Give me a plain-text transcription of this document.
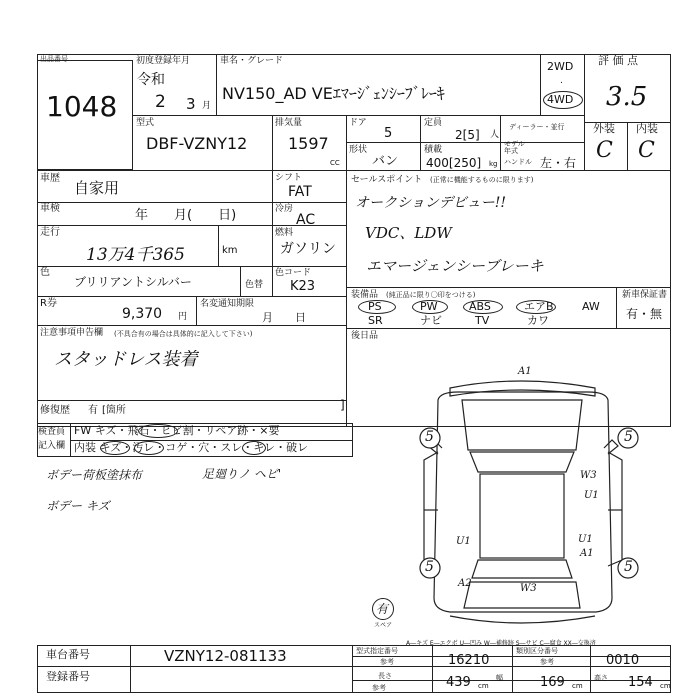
出品番号
1048
初度登録年月
令和
2 3 月
車名・グレード
NV150_AD VEｴﾏｰｼﾞｪﾝｼｰﾌﾞﾚｰｷ
2WD
.
4WD
評 価 点
3.5
外装 内装
C C
型式
DBF-VZNY12
排気量
1597
CC
ドア
5
形状
バン
定員
2[5] 人
積載
400[250] kg
ディーラー・並行
モデル
年式
ハンドル 左・右
車歴
自家用
車検	年　　月(　　日)
走行
13万4千365	km
シフト
FAT
冷房
AC
燃料
ガソリン
色
ブリリアントシルバー	色替
色コード
K23
R券
9,370 円
名変通知期限
月　　日
注意事項申告欄 (不具合有の場合は具体的に記入して下さい)
スタッドレス装着
修復歴 有 [箇所	]
セールスポイント (正常に機能するものに限ります)
オークションデビュー!!
VDC、LDW
エマージェンシーブレーキ
装備品 (純正品に限り〇印をつける)	新車保証書
有・無
PS	PW	ABS	エアB	AW
SR	ナビ	TV	カワ
後日品
検査員
記入欄
FW キズ・飛石・ヒビ割・リペア跡・×要
内装 キズ・汚レ・コゲ・穴・スレ・キレ・破レ
ボデー荷板塗抹布	足廻りノ ヘビ'
ボデー キズ
5	5
5	5
有
スペア
A1
W3
U1
U1
A1
U1
A2	W3
A―キズ E―エクボ U―凹み W―補修跡 S―サビ C―腐食 XX―交換済
車台番号	VZNY12-081133
登録番号
型式指定番号
参考	16210
類別区分番号
参考	0010
長さ
参考	439 cm
幅	169 cm
高さ 154 cm
